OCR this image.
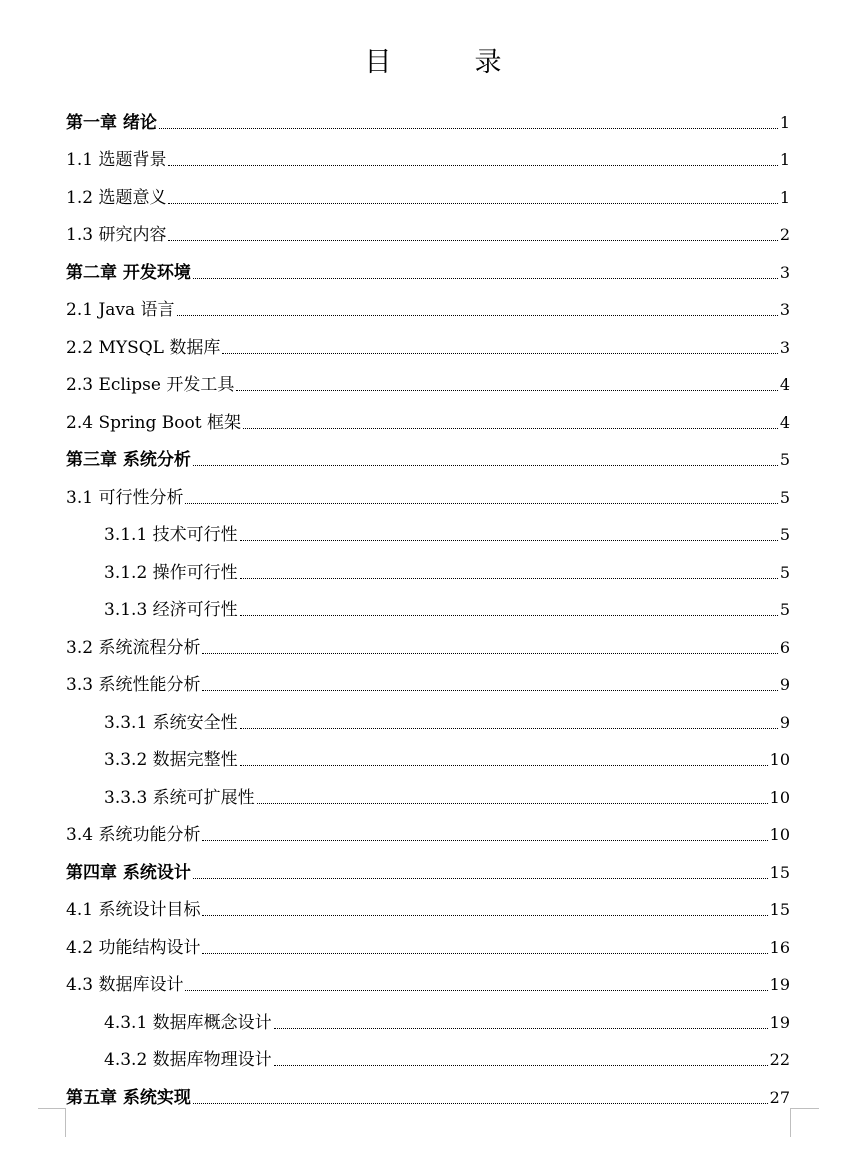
目　录
第一章 绪论	1
1.1 选题背景	1
1.2 选题意义	1
1.3 研究内容	2
第二章 开发环境	3
2.1 Java 语言	3
2.2 MYSQL 数据库	3
2.3 Eclipse 开发工具	4
2.4 Spring Boot 框架	4
第三章 系统分析	5
3.1 可行性分析	5
3.1.1 技术可行性	5
3.1.2 操作可行性	5
3.1.3 经济可行性	5
3.2 系统流程分析	6
3.3 系统性能分析	9
3.3.1 系统安全性	9
3.3.2 数据完整性	10
3.3.3 系统可扩展性	10
3.4 系统功能分析	10
第四章 系统设计	15
4.1 系统设计目标	15
4.2 功能结构设计	16
4.3 数据库设计	19
4.3.1 数据库概念设计	19
4.3.2 数据库物理设计	22
第五章 系统实现	27
